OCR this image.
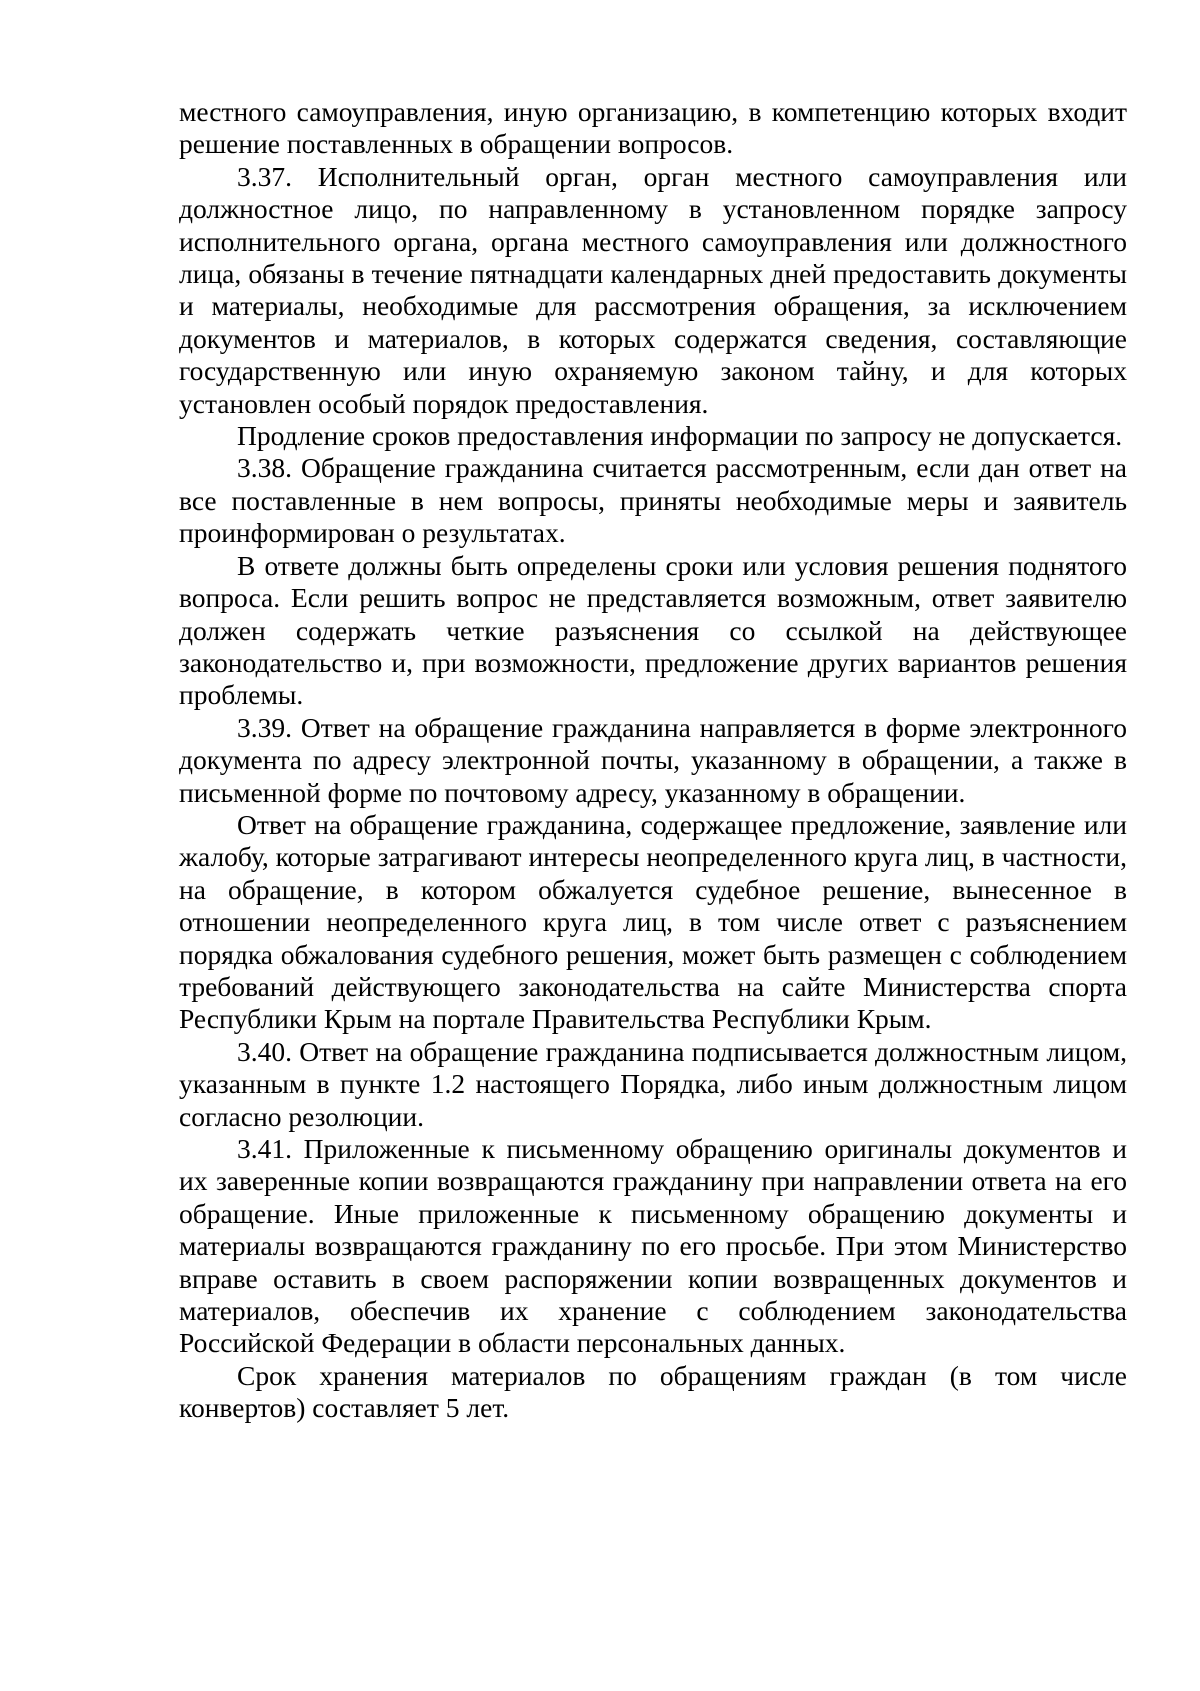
местного самоуправления, иную организацию, в компетенцию которых входит решение поставленных в обращении вопросов.

3.37. Исполнительный орган, орган местного самоуправления или должностное лицо, по направленному в установленном порядке запросу исполнительного органа, органа местного самоуправления или должностного лица, обязаны в течение пятнадцати календарных дней предоставить документы и материалы, необходимые для рассмотрения обращения, за исключением документов и материалов, в которых содержатся сведения, составляющие государственную или иную охраняемую законом тайну, и для которых установлен особый порядок предоставления.

Продление сроков предоставления информации по запросу не допускается.

3.38. Обращение гражданина считается рассмотренным, если дан ответ на все поставленные в нем вопросы, приняты необходимые меры и заявитель проинформирован о результатах.

В ответе должны быть определены сроки или условия решения поднятого вопроса. Если решить вопрос не представляется возможным, ответ заявителю должен содержать четкие разъяснения со ссылкой на действующее законодательство и, при возможности, предложение других вариантов решения проблемы.

3.39. Ответ на обращение гражданина направляется в форме электронного документа по адресу электронной почты, указанному в обращении, а также в письменной форме по почтовому адресу, указанному в обращении.

Ответ на обращение гражданина, содержащее предложение, заявление или жалобу, которые затрагивают интересы неопределенного круга лиц, в частности, на обращение, в котором обжалуется судебное решение, вынесенное в отношении неопределенного круга лиц, в том числе ответ с разъяснением порядка обжалования судебного решения, может быть размещен с соблюдением требований действующего законодательства на сайте Министерства спорта Республики Крым на портале Правительства Республики Крым.

3.40. Ответ на обращение гражданина подписывается должностным лицом, указанным в пункте 1.2 настоящего Порядка, либо иным должностным лицом согласно резолюции.

3.41. Приложенные к письменному обращению оригиналы документов и их заверенные копии возвращаются гражданину при направлении ответа на его обращение. Иные приложенные к письменному обращению документы и материалы возвращаются гражданину по его просьбе. При этом Министерство вправе оставить в своем распоряжении копии возвращенных документов и материалов, обеспечив их хранение с соблюдением законодательства Российской Федерации в области персональных данных.

Срок хранения материалов по обращениям граждан (в том числе конвертов) составляет 5 лет.
